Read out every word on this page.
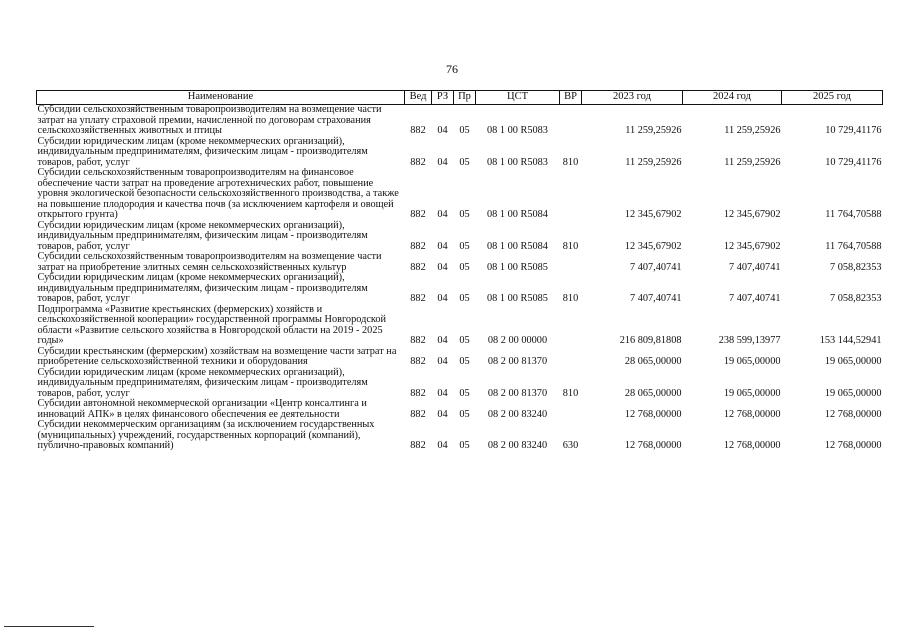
76
Наименование	Вед	РЗ	Пр	ЦСТ	ВР	2023 год	2024 год	2025 год
Субсидии сельскохозяйственным товаропроизводителям на возмещение части затрат на уплату страховой премии, начисленной по договорам страхования сельскохозяйственных животных и птицы	882	04	05	08 1 00 R5083		11 259,25926	11 259,25926	10 729,41176
Субсидии юридическим лицам (кроме некоммерческих организаций), индивидуальным предпринимателям, физическим лицам - производителям товаров, работ, услуг	882	04	05	08 1 00 R5083	810	11 259,25926	11 259,25926	10 729,41176
Субсидии сельскохозяйственным товаропроизводителям на финансовое обеспечение части затрат на проведение агротехнических работ, повышение уровня экологической безопасности сельскохозяйственного производства, а также на повышение плодородия и качества почв (за исключением картофеля и овощей открытого грунта)	882	04	05	08 1 00 R5084		12 345,67902	12 345,67902	11 764,70588
Субсидии юридическим лицам (кроме некоммерческих организаций), индивидуальным предпринимателям, физическим лицам - производителям товаров, работ, услуг	882	04	05	08 1 00 R5084	810	12 345,67902	12 345,67902	11 764,70588
Субсидии сельскохозяйственным товаропроизводителям на возмещение части затрат на приобретение элитных семян сельскохозяйственных культур	882	04	05	08 1 00 R5085		7 407,40741	7 407,40741	7 058,82353
Субсидии юридическим лицам (кроме некоммерческих организаций), индивидуальным предпринимателям, физическим лицам - производителям товаров, работ, услуг	882	04	05	08 1 00 R5085	810	7 407,40741	7 407,40741	7 058,82353
Подпрограмма «Развитие крестьянских (фермерских) хозяйств и сельскохозяйственной кооперации» государственной программы Новгородской области «Развитие сельского хозяйства в Новгородской области на 2019 - 2025 годы»	882	04	05	08 2 00 00000		216 809,81808	238 599,13977	153 144,52941
Субсидии крестьянским (фермерским) хозяйствам на возмещение части затрат на приобретение сельскохозяйственной техники и оборудования	882	04	05	08 2 00 81370		28 065,00000	19 065,00000	19 065,00000
Субсидии юридическим лицам (кроме некоммерческих организаций), индивидуальным предпринимателям, физическим лицам - производителям товаров, работ, услуг	882	04	05	08 2 00 81370	810	28 065,00000	19 065,00000	19 065,00000
Субсидии автономной некоммерческой организации «Центр консалтинга и инноваций АПК» в целях финансового обеспечения ее деятельности	882	04	05	08 2 00 83240		12 768,00000	12 768,00000	12 768,00000
Субсидии некоммерческим организациям (за исключением государственных (муниципальных) учреждений, государственных корпораций (компаний), публично-правовых компаний)	882	04	05	08 2 00 83240	630	12 768,00000	12 768,00000	12 768,00000
